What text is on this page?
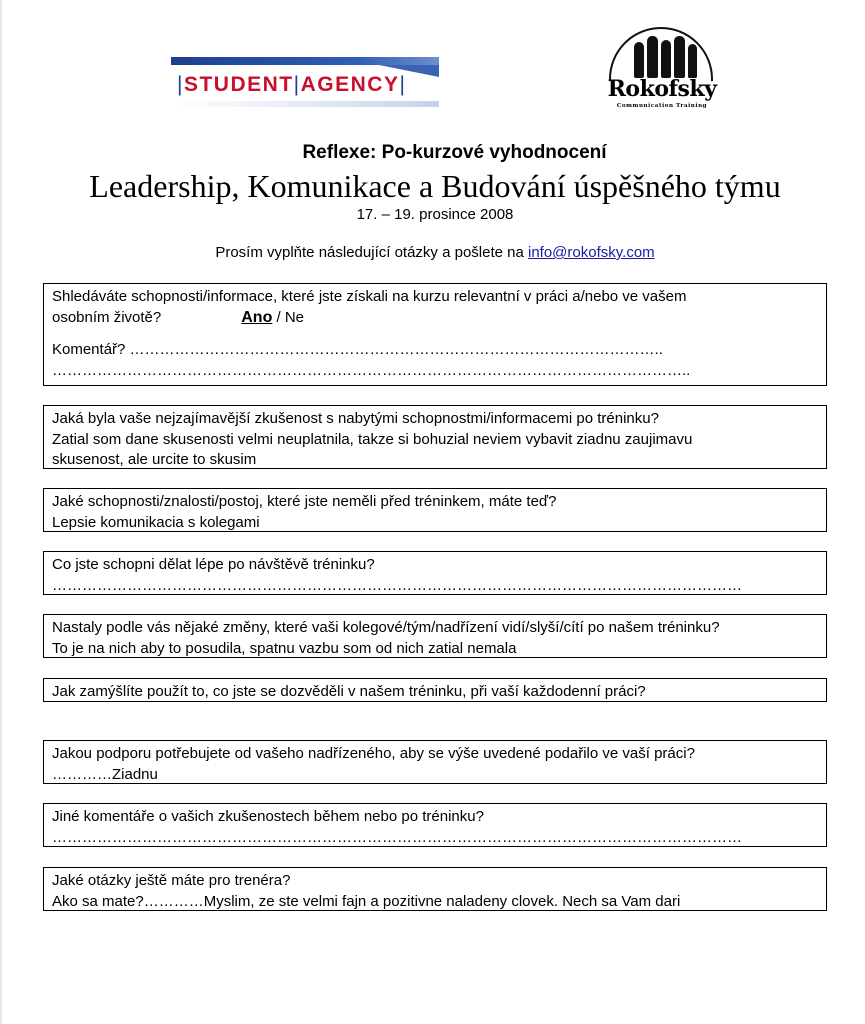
|STUDENT|AGENCY|	Rokofsky
Communication Training
Reflexe: Po-kurzové vyhodnocení
Leadership, Komunikace a Budování úspěšného týmu
17. – 19. prosince 2008
Prosím vyplňte následující otázky a pošlete na info@rokofsky.com
Shledáváte schopnosti/informace, které jste získali na kurzu relevantní v práci a/nebo ve vašem
osobním životě?	Ano / Ne
Komentář? ……………………………………………………………………………………………..
………………………………………………………………………………………………………………..
Jaká byla vaše nejzajímavější zkušenost s nabytými schopnostmi/informacemi po tréninku?
Zatial som dane skusenosti velmi neuplatnila, takze si bohuzial neviem vybavit ziadnu zaujimavu
skusenost, ale urcite to skusim
Jaké schopnosti/znalosti/postoj, které jste neměli před tréninkem, máte teď?
Lepsie komunikacia s kolegami
Co jste schopni dělat lépe po návštěvě tréninku?
…………………………………………………………………………………………………………………………
Nastaly podle vás nějaké změny, které vaši kolegové/tým/nadřízení vidí/slyší/cítí po našem tréninku?
To je na nich aby to posudila, spatnu vazbu som od nich zatial nemala
Jak zamýšlíte použít to, co jste se dozvěděli v našem tréninku, při vaší každodenní práci?
Jakou podporu potřebujete od vašeho nadřízeného, aby se výše uvedené podařilo ve vaší práci?
…………Ziadnu
Jiné komentáře o vašich zkušenostech během nebo po tréninku?
…………………………………………………………………………………………………………………………
Jaké otázky ještě máte pro trenéra?
Ako sa mate?…………Myslim, ze ste velmi fajn a pozitivne naladeny clovek. Nech sa Vam dari
